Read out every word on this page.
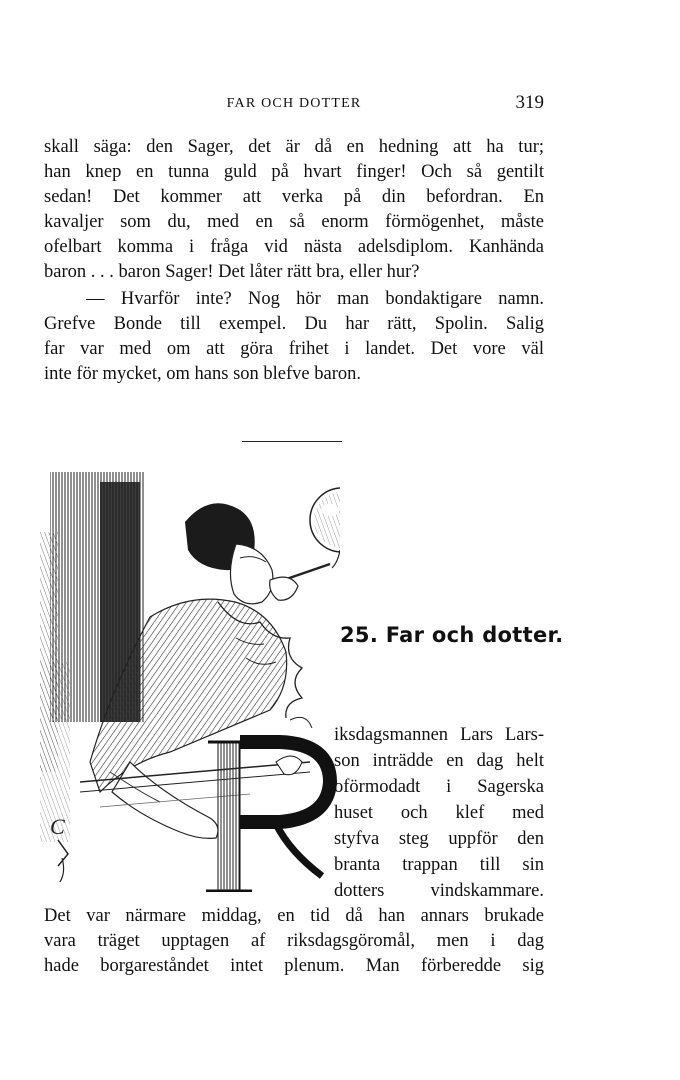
FAR OCH DOTTER	319
skall säga: den Sager, det är då en hedning att ha tur;
han knep en tunna guld på hvart finger! Och så gentilt
sedan! Det kommer att verka på din befordran. En
kavaljer som du, med en så enorm förmögenhet, måste
ofelbart komma i fråga vid nästa adelsdiplom. Kanhända
baron . . . baron Sager! Det låter rätt bra, eller hur?
— Hvarför inte? Nog hör man bondaktigare namn.
Grefve Bonde till exempel. Du har rätt, Spolin. Salig
far var med om att göra frihet i landet. Det vore väl
inte för mycket, om hans son blefve baron.
C
25. Far och dotter.
iksdagsmannen Lars Lars-
son inträdde en dag helt
oförmodadt i Sagerska
huset och klef med
styfva steg uppför den
branta trappan till sin
dotters vindskammare.
Det var närmare middag, en tid då han annars brukade
vara träget upptagen af riksdagsgöromål, men i dag
hade borgareståndet intet plenum. Man förberedde sig
